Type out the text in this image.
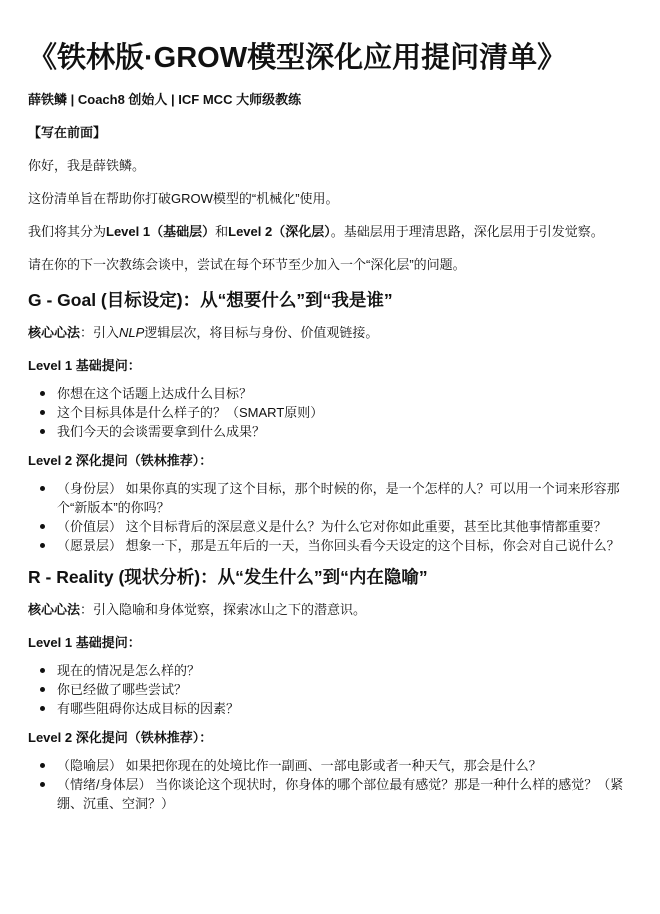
《铁林版·GROW模型深化应用提问清单》

薛铁鳞 | Coach8 创始人 | ICF MCC 大师级教练

【写在前面】

你好，我是薛铁鳞。

这份清单旨在帮助你打破GROW模型的“机械化”使用。

我们将其分为Level 1（基础层）和Level 2（深化层）。基础层用于理清思路，深化层用于引发觉察。

请在你的下一次教练会谈中，尝试在每个环节至少加入一个“深化层”的问题。

G - Goal (目标设定)：从“想要什么”到“我是谁”

核心心法：引入NLP逻辑层次，将目标与身份、价值观链接。

Level 1 基础提问：

你想在这个话题上达成什么目标？
这个目标具体是什么样子的？（SMART原则）
我们今天的会谈需要拿到什么成果？

Level 2 深化提问（铁林推荐）：

（身份层） 如果你真的实现了这个目标，那个时候的你，是一个怎样的人？可以用一个词来形容那个“新版本”的你吗？
（价值层） 这个目标背后的深层意义是什么？为什么它对你如此重要，甚至比其他事情都重要？
（愿景层） 想象一下，那是五年后的一天，当你回头看今天设定的这个目标，你会对自己说什么？
R - Reality (现状分析)：从“发生什么”到“内在隐喻”

核心心法：引入隐喻和身体觉察，探索冰山之下的潜意识。

Level 1 基础提问：

现在的情况是怎么样的？
你已经做了哪些尝试？
有哪些阻碍你达成目标的因素？

Level 2 深化提问（铁林推荐）：

（隐喻层） 如果把你现在的处境比作一副画、一部电影或者一种天气，那会是什么？
（情绪/身体层） 当你谈论这个现状时，你身体的哪个部位最有感觉？那是一种什么样的感觉？（紧绷、沉重、空洞？）
